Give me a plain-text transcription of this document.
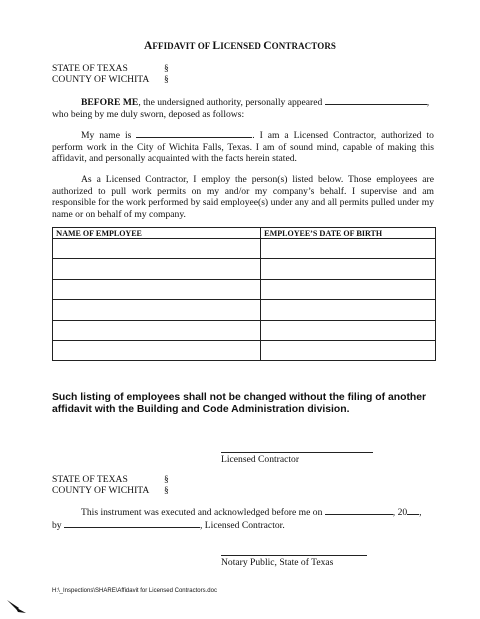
AFFIDAVIT OF LICENSED CONTRACTORS
STATE OF TEXAS	§
COUNTY OF WICHITA	§
BEFORE ME, the undersigned authority, personally appeared	,
who being by me duly sworn, deposed as follows:
My name is	. I am a Licensed Contractor, authorized to perform work in the City of Wichita Falls, Texas. I am of sound mind, capable of making this affidavit, and personally acquainted with the facts herein stated.
As a Licensed Contractor, I employ the person(s) listed below. Those employees are authorized to pull work permits on my and/or my company’s behalf. I supervise and am responsible for the work performed by said employee(s) under any and all permits pulled under my name or on behalf of my company.
NAME OF EMPLOYEE	EMPLOYEE’S DATE OF BIRTH

Such listing of employees shall not be changed without the filing of another affidavit with the Building and Code Administration division.
Licensed Contractor
STATE OF TEXAS	§
COUNTY OF WICHITA	§
This instrument was executed and acknowledged before me on	, 20 ,
by	, Licensed Contractor.
Notary Public, State of Texas
H:\_Inspections\SHARE\Affidavit for Licensed Contractors.doc
